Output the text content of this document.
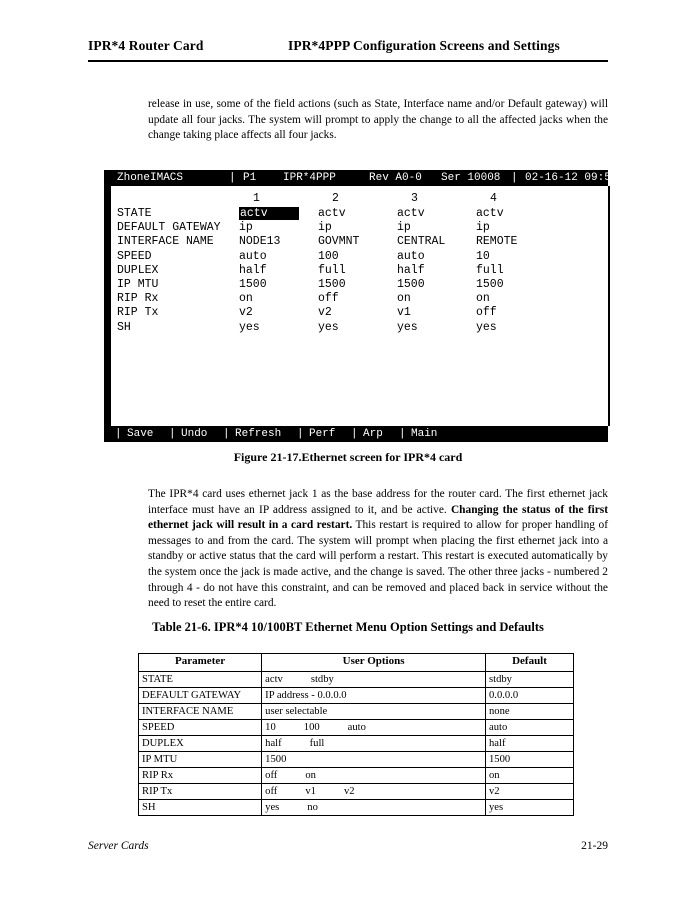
IPR*4 Router Card	IPR*4PPP Configuration Screens and Settings
release in use, some of the field actions (such as State, Interface name and/or Default gateway) will update all four jacks. The system will prompt to apply the change to all the affected jacks when the change taking place affects all four jacks.

ZhoneIMACS

	|

P1

IPR*4PPP

	Rev A0-0

Ser 10008

|

02-16-12 09:59

1	2	3	4
STATE	actv	actv	actv	actv
DEFAULT GATEWAY ip	ip	ip	ip
INTERFACE NAME NODE13	GOVMNT	CENTRAL	REMOTE
SPEED	auto	100	auto	10
DUPLEX	half	full	half	full
IP MTU	1500	1500	1500	1500
RIP Rx	on	off	on	on
RIP Tx	v2	v2	v1	off
SH	yes	yes	yes	yes

|

Save

|

Undo

|

Refresh

|

Perf

|

Arp

|

Main

Figure 21-17.Ethernet screen for IPR*4 card
The IPR*4 card uses ethernet jack 1 as the base address for the router card. The first ethernet jack interface must have an IP address assigned to it, and be active. Changing the status of the first ethernet jack will result in a card restart. This restart is required to allow for proper handling of messages to and from the card. The system will prompt when placing the first ethernet jack into a standby or active status that the card will perform a restart. This restart is executed automatically by the system once the jack is made active, and the change is saved. The other three jacks - numbered 2 through 4 - do not have this constraint, and can be removed and placed back in service without the need to reset the entire card.
Table 21-6. IPR*4 10/100BT Ethernet Menu Option Settings and Defaults
Parameter	User Options	Default
STATE	actv stdby	stdby
DEFAULT GATEWAY	IP address - 0.0.0.0	0.0.0.0
INTERFACE NAME	user selectable	none
SPEED	10 100 auto	auto
DUPLEX	half full	half
IP MTU	1500	1500
RIP Rx	off on	on
RIP Tx	off v1 v2	v2
SH	yes no	yes
Server Cards	21-29
